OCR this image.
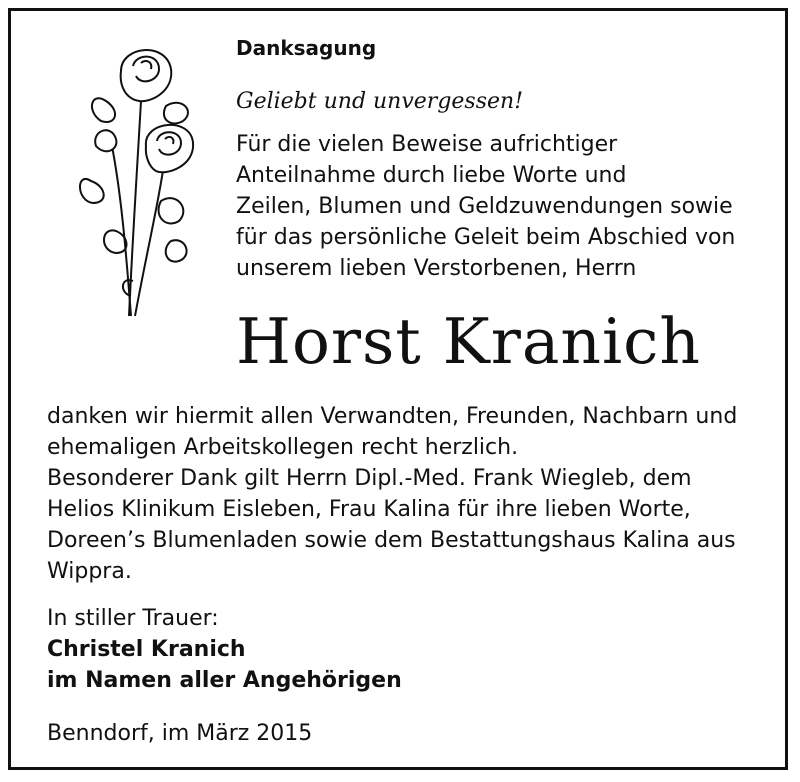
Danksagung
Geliebt und unvergessen!
Für die vielen Beweise aufrichtiger
Anteilnahme durch liebe Worte und
Zeilen, Blumen und Geldzuwendungen sowie
für das persönliche Geleit beim Abschied von
unserem lieben Verstorbenen, Herrn
Horst Kranich
danken wir hiermit allen Verwandten, Freunden, Nachbarn und
ehemaligen Arbeitskollegen recht herzlich.
Besonderer Dank gilt Herrn Dipl.-Med. Frank Wiegleb, dem
Helios Klinikum Eisleben, Frau Kalina für ihre lieben Worte,
Doreen’s Blumenladen sowie dem Bestattungshaus Kalina aus
Wippra.
In stiller Trauer:
Christel Kranich
im Namen aller Angehörigen
Benndorf, im März 2015
